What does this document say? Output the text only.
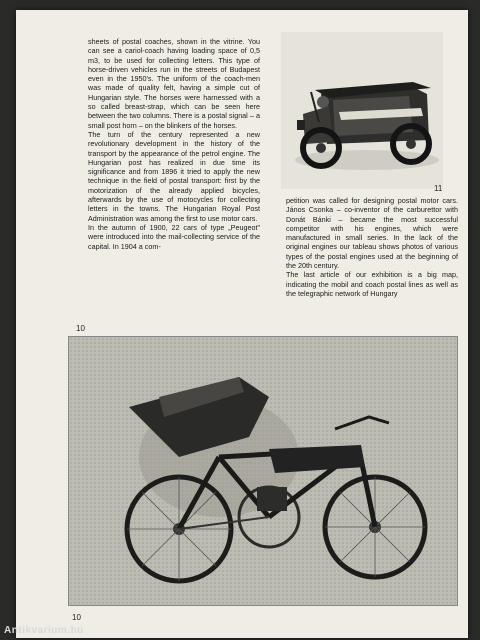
sheets of postal coaches, shown in the vitrine. You can see a cariol-coach having loading space of 0,5 m3, to be used for collecting letters. This type of horse-driven vehicles run in the streets of Budapest even in the 1950's. The uniform of the coach-men was made of quality felt, having a simple cut of Hungarian style. The horses were harnessed with a so called breast-strap, which can be seen here between the two columns. There is a postal signal – a small post horn – on the blinkers of the horses.

The turn of the century represented a new revolutionary development in the history of the transport by the appearance of the petrol engine. The Hungarian post has realized in due time its significance and from 1896 it tried to apply the new technique in the field of postal transport: first by the motorization of the already applied bicycles, afterwards by the use of motocycles for collecting letters in the towns. The Hungarian Royal Post Administration was among the first to use motor cars.

In the autumn of 1900, 22 cars of type „Peugeot" were introduced into the mail-collecting service of the capital. In 1904 a com-

11

petition was called for designing postal motor cars. János Csonka – co-inventor of the carburettor with Donát Bánki – became the most successful competitor with his engines, which were manufactured in small series. In the lack of the original engines our tableau shows photos of various types of the postal engines used at the beginning of the 20th century.

The last article of our exhibition is a big map, indicating the mobil and coach postal lines as well as the telegraphic network of Hungary

10
10
Antikvarium.hu
